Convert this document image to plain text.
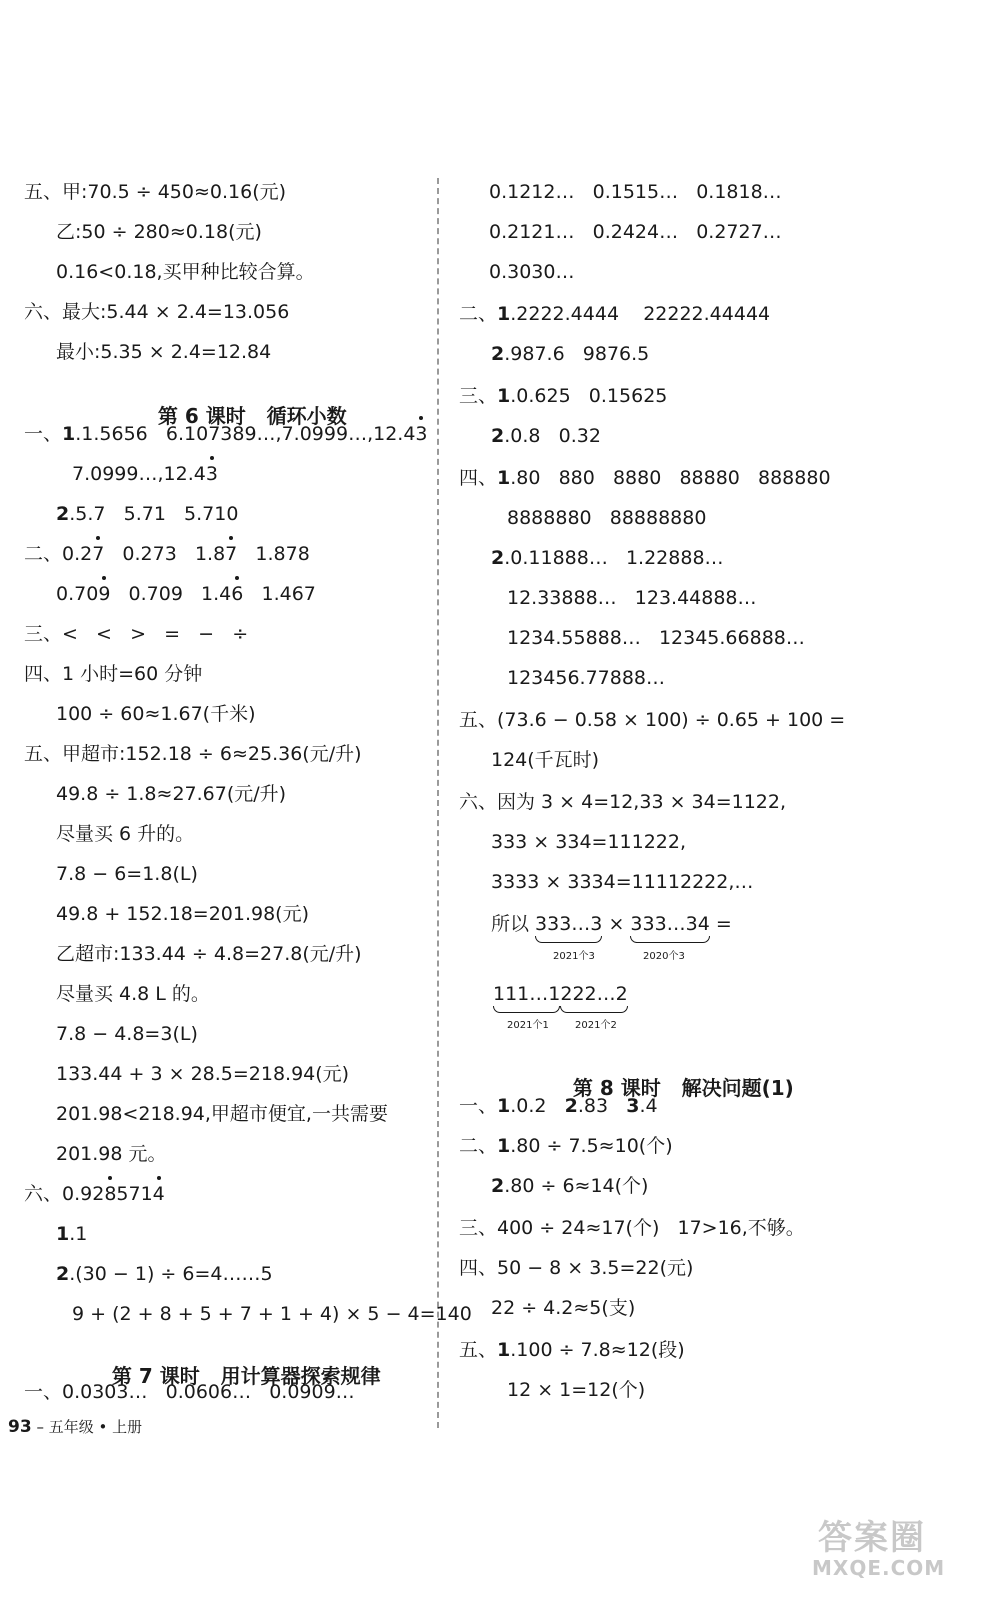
五、甲:70.5 ÷ 450≈0.16(元)
乙:50 ÷ 280≈0.18(元)
0.16<0.18,买甲种比较合算。
六、最大:5.44 × 2.4=13.056
最小:5.35 × 2.4=12.84

第 6 课时 循环小数

一、1.1.5656   6.107389…,7.0999…,12.43
7.0999…,12.43
2.5.7   5.71   5.710
二、0.27   0.273   1.87   1.878
0.709   0.709   1.46   1.467
三、<   <   >   =   −   ÷
四、1 小时=60 分钟
100 ÷ 60≈1.67(千米)
五、甲超市:152.18 ÷ 6≈25.36(元/升)
49.8 ÷ 1.8≈27.67(元/升)
尽量买 6 升的。
7.8 − 6=1.8(L)
49.8 + 152.18=201.98(元)
乙超市:133.44 ÷ 4.8=27.8(元/升)
尽量买 4.8 L 的。
7.8 − 4.8=3(L)
133.44 + 3 × 28.5=218.94(元)
201.98<218.94,甲超市便宜,一共需要
201.98 元。
六、0.9285714
1.1
2.(30 − 1) ÷ 6=4……5
9 + (2 + 8 + 5 + 7 + 1 + 4) × 5 − 4=140

第 7 课时 用计算器探索规律

一、0.0303…   0.0606…   0.0909…
0.1212…   0.1515…   0.1818…
0.2121…   0.2424…   0.2727…
0.3030…
二、1.2222.4444    22222.44444
2.987.6   9876.5
三、1.0.625   0.15625
2.0.8   0.32
四、1.80   880   8880   88880   888880
8888880   88888880
2.0.11888…   1.22888…
12.33888…   123.44888…
1234.55888…   12345.66888…
123456.77888…
五、(73.6 − 0.58 × 100) ÷ 0.65 + 100 =
124(千瓦时)
六、因为 3 × 4=12,33 × 34=1122,
333 × 334=111222,
3333 × 3334=11112222,…
所以 333…3 × 333…34 =
2021个3	2020个3
111…1222…2
2021个1	2021个2

第 8 课时 解决问题(1)

一、1.0.2   2.83   3.4
二、1.80 ÷ 7.5≈10(个)
2.80 ÷ 6≈14(个)
三、400 ÷ 24≈17(个)   17>16,不够。
四、50 − 8 × 3.5=22(元)
22 ÷ 4.2≈5(支)
五、1.100 ÷ 7.8≈12(段)
12 × 1=12(个)
93 – 五年级 • 上册
答案圈
MXQE.COM
